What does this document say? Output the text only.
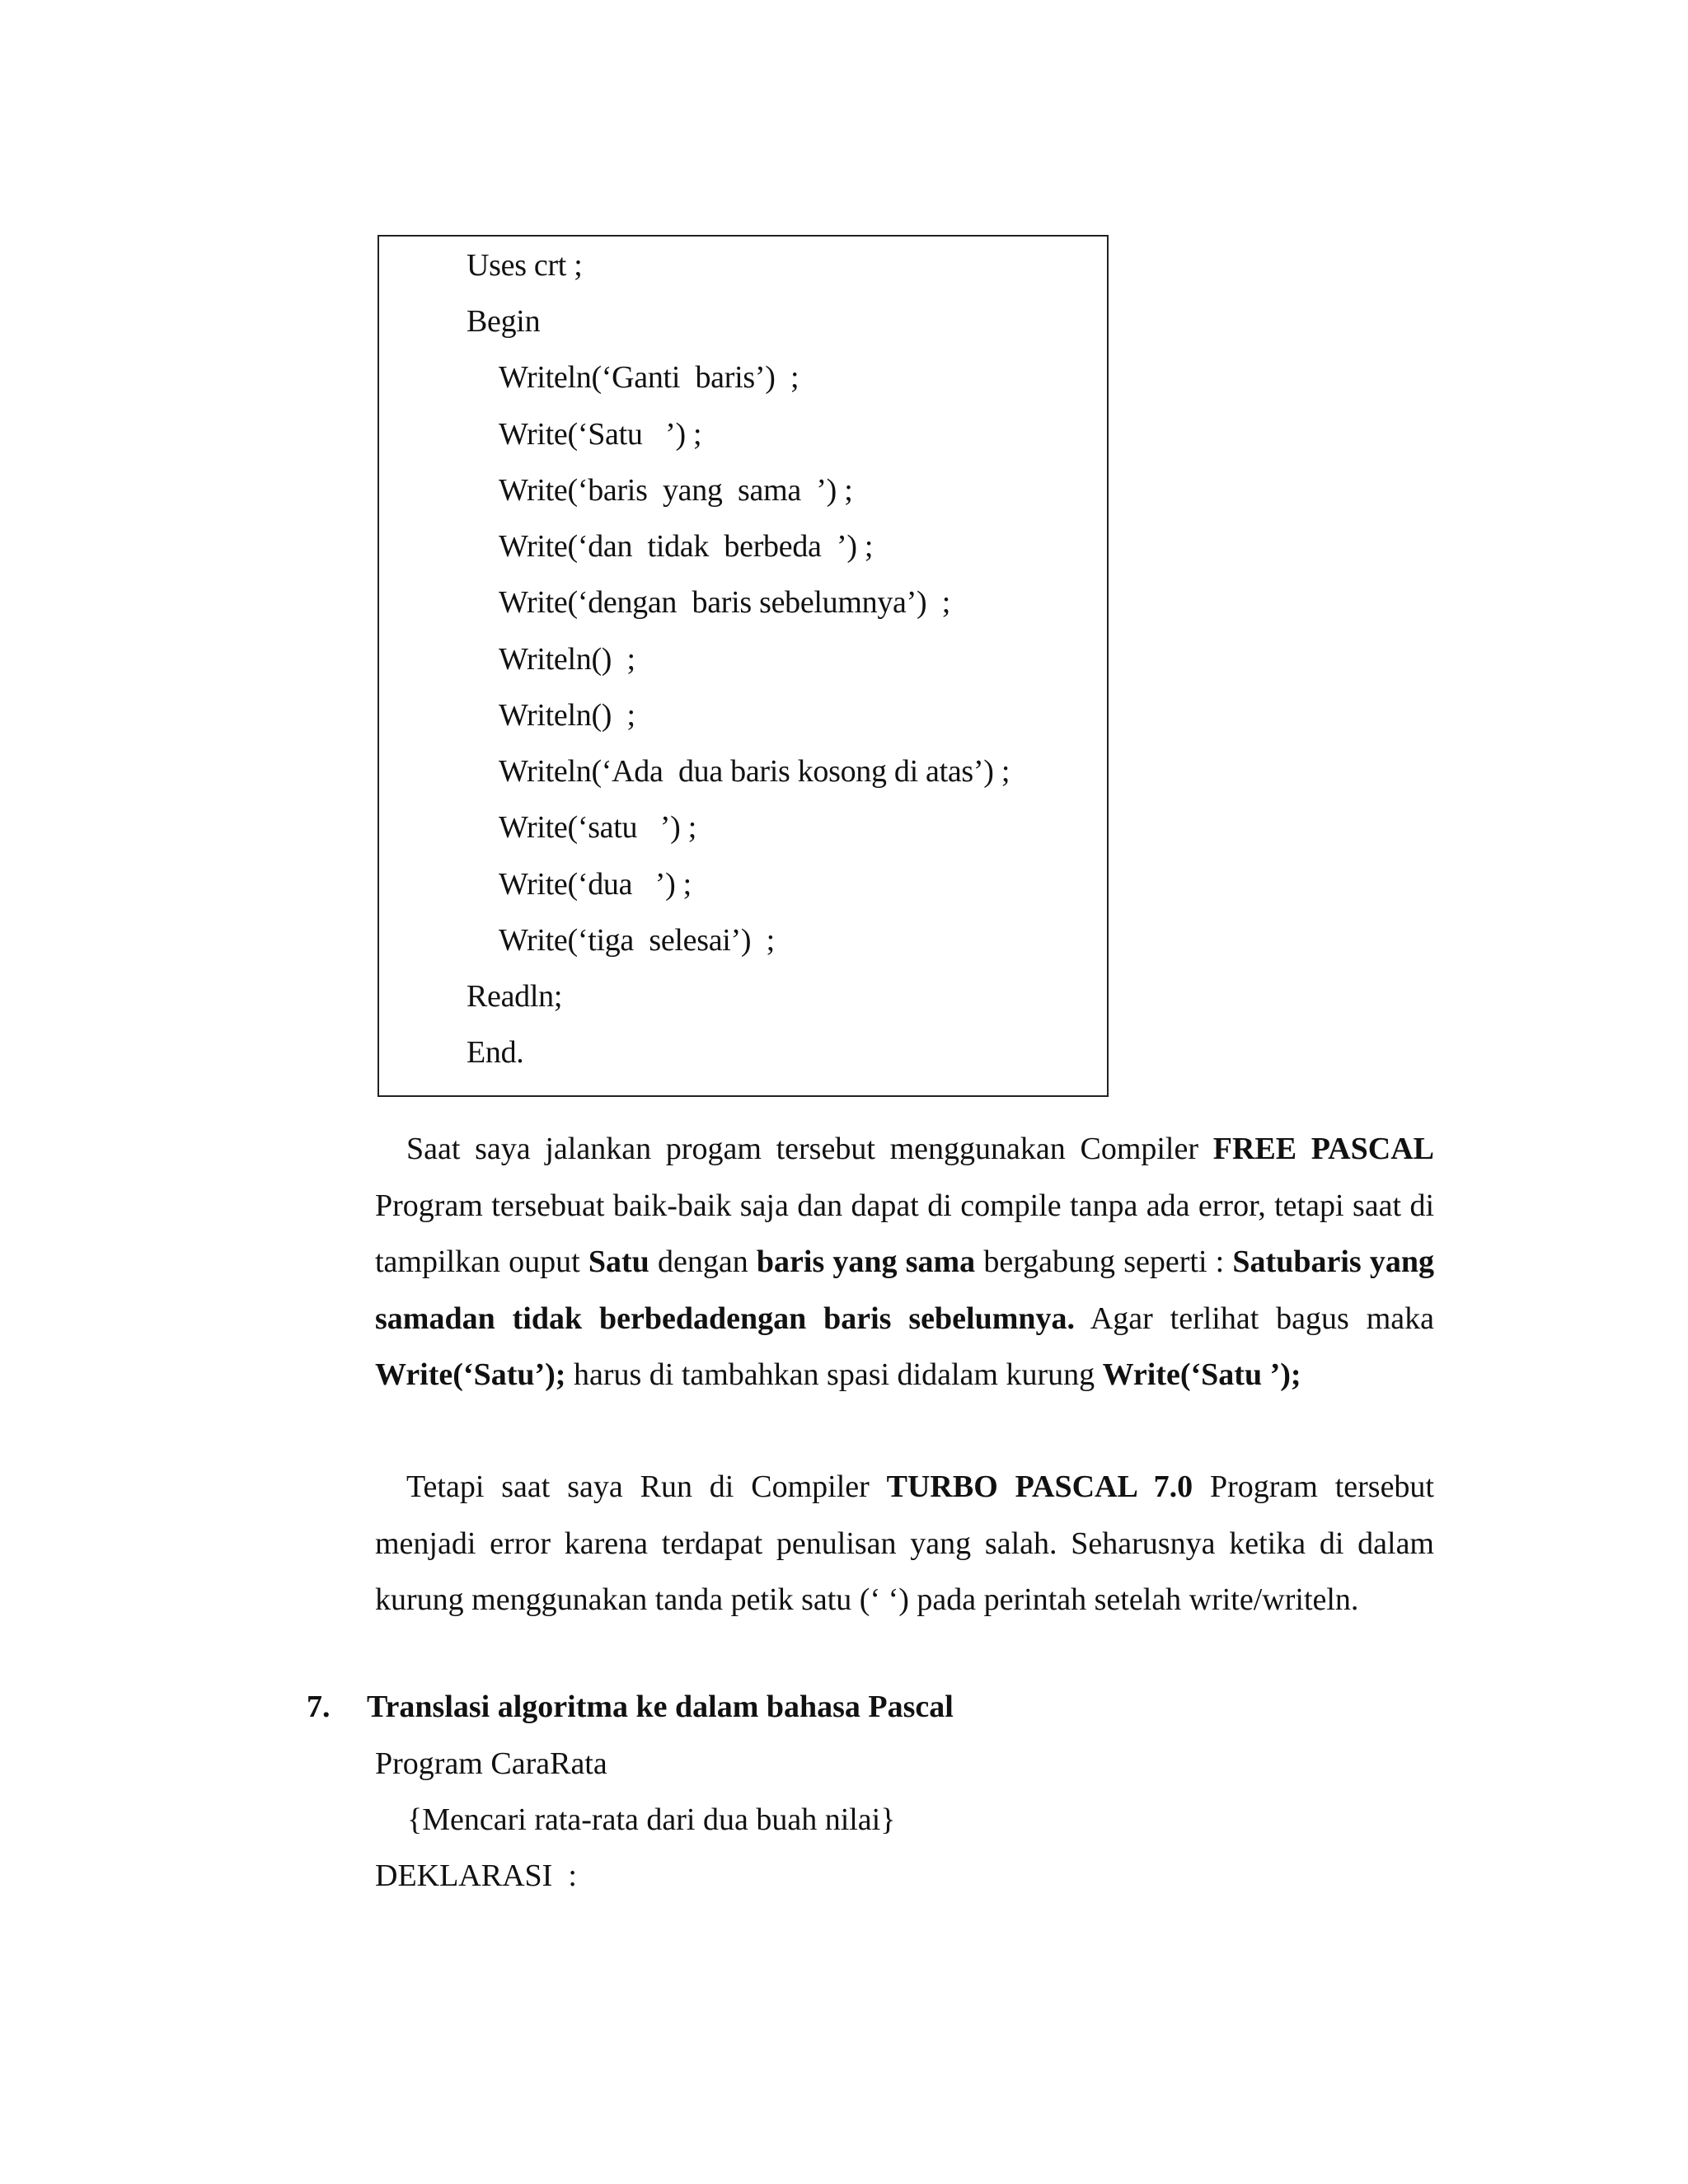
Uses crt ;
Begin
Writeln(‘Ganti  baris’)  ;
Write(‘Satu   ’) ;
Write(‘baris  yang  sama  ’) ;
Write(‘dan  tidak  berbeda  ’) ;
Write(‘dengan  baris sebelumnya’)  ;
Writeln()  ;
Writeln()  ;
Writeln(‘Ada  dua baris kosong di atas’) ;
Write(‘satu   ’) ;
Write(‘dua   ’) ;
Write(‘tiga  selesai’)  ;
Readln;
End.
Saat saya jalankan progam tersebut menggunakan Compiler FREE PASCAL Program tersebuat baik-baik saja dan dapat di compile tanpa ada error, tetapi saat di tampilkan ouput Satu dengan baris yang sama bergabung seperti : Satubaris yang samadan tidak berbedadengan baris sebelumnya. Agar terlihat bagus maka Write(‘Satu’); harus di tambahkan spasi didalam kurung Write(‘Satu ’);
Tetapi saat saya Run di Compiler TURBO PASCAL 7.0 Program tersebut menjadi error karena terdapat penulisan yang salah. Seharusnya ketika di dalam kurung menggunakan tanda petik satu (‘ ‘) pada perintah setelah write/writeln.
7. Translasi algoritma ke dalam bahasa Pascal
Program CaraRata
{Mencari rata-rata dari dua buah nilai}
DEKLARASI  :
